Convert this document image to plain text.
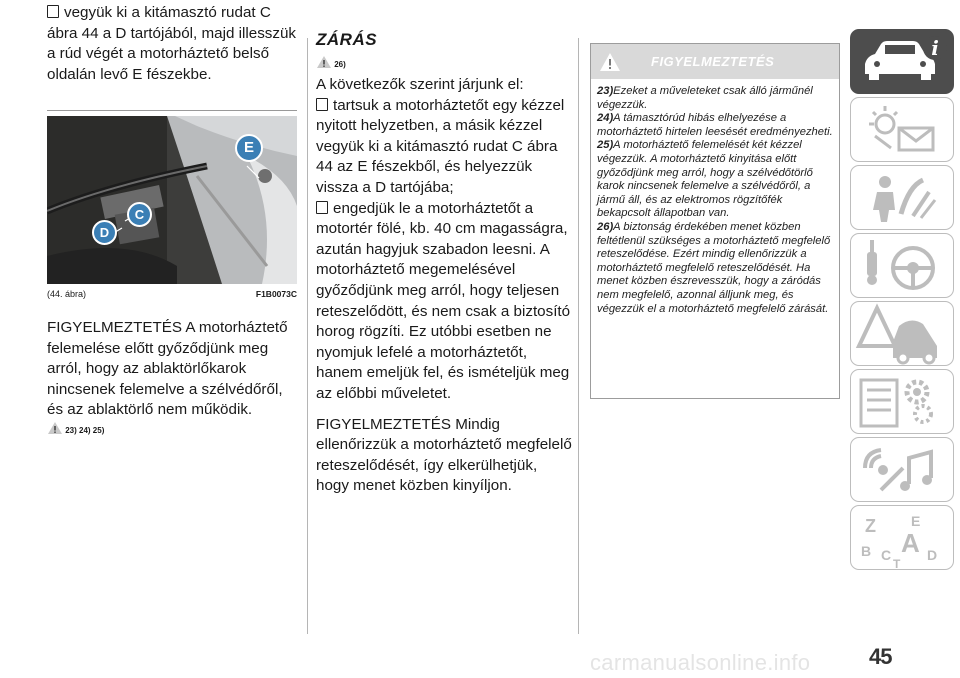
vegyük ki a kitámasztó rudat C ábra 44 a D tartójából, majd illesszük a rúd végét a motorháztető belső oldalán levő E fészekbe.
E
C
D
(44. ábra)	F1B0073C
FIGYELMEZTETÉS A motorháztető felemelése előtt győződjünk meg arról, hogy az ablaktörlőkarok nincsenek felemelve a szélvédőről, és az ablaktörlő nem működik.
23) 24) 25)
ZÁRÁS
26)

A következők szerint járjunk el:

tartsuk a motorháztetőt egy kézzel nyitott helyzetben, a másik kézzel vegyük ki a kitámasztó rudat C ábra 44 az E fészekből, és helyezzük vissza a D tartójába;

engedjük le a motorháztetőt a motortér fölé, kb. 40 cm magasságra, azután hagyjuk szabadon leesni. A motorháztető megemelésével győződjünk meg arról, hogy teljesen reteszelődött, és nem csak a biztosító horog rögzíti. Ez utóbbi esetben ne nyomjuk lefelé a motorháztetőt, hanem emeljük fel, és ismételjük meg az előbbi műveletet.

FIGYELMEZTETÉS Mindig ellenőrizzük a motorháztető megfelelő reteszelődését, így elkerülhetjük, hogy menet közben kinyíljon.

FIGYELMEZTETÉS
23)Ezeket a műveleteket csak álló járműnél végezzük.
24)A támasztórúd hibás elhelyezése a motorháztető hirtelen leesését eredményezheti.
25)A motorháztető felemelését két kézzel végezzük. A motorháztető kinyitása előtt győződjünk meg arról, hogy a szélvédőtörlő karok nincsenek felemelve a szélvédőről, a jármű áll, és az elektromos rögzítőfék bekapcsolt állapotban van.
26)A biztonság érdekében menet közben feltétlenül szükséges a motorháztető megfelelő reteszelődése. Ezért mindig ellenőrizzük a motorháztető megfelelő reteszelődését. Ha menet közben észrevesszük, hogy a záródás nem megfelelő, azonnal álljunk meg, és végezzük el a motorháztető megfelelő zárását.
i
Z	E
B A
C	D
T
45
carmanualsonline.info
